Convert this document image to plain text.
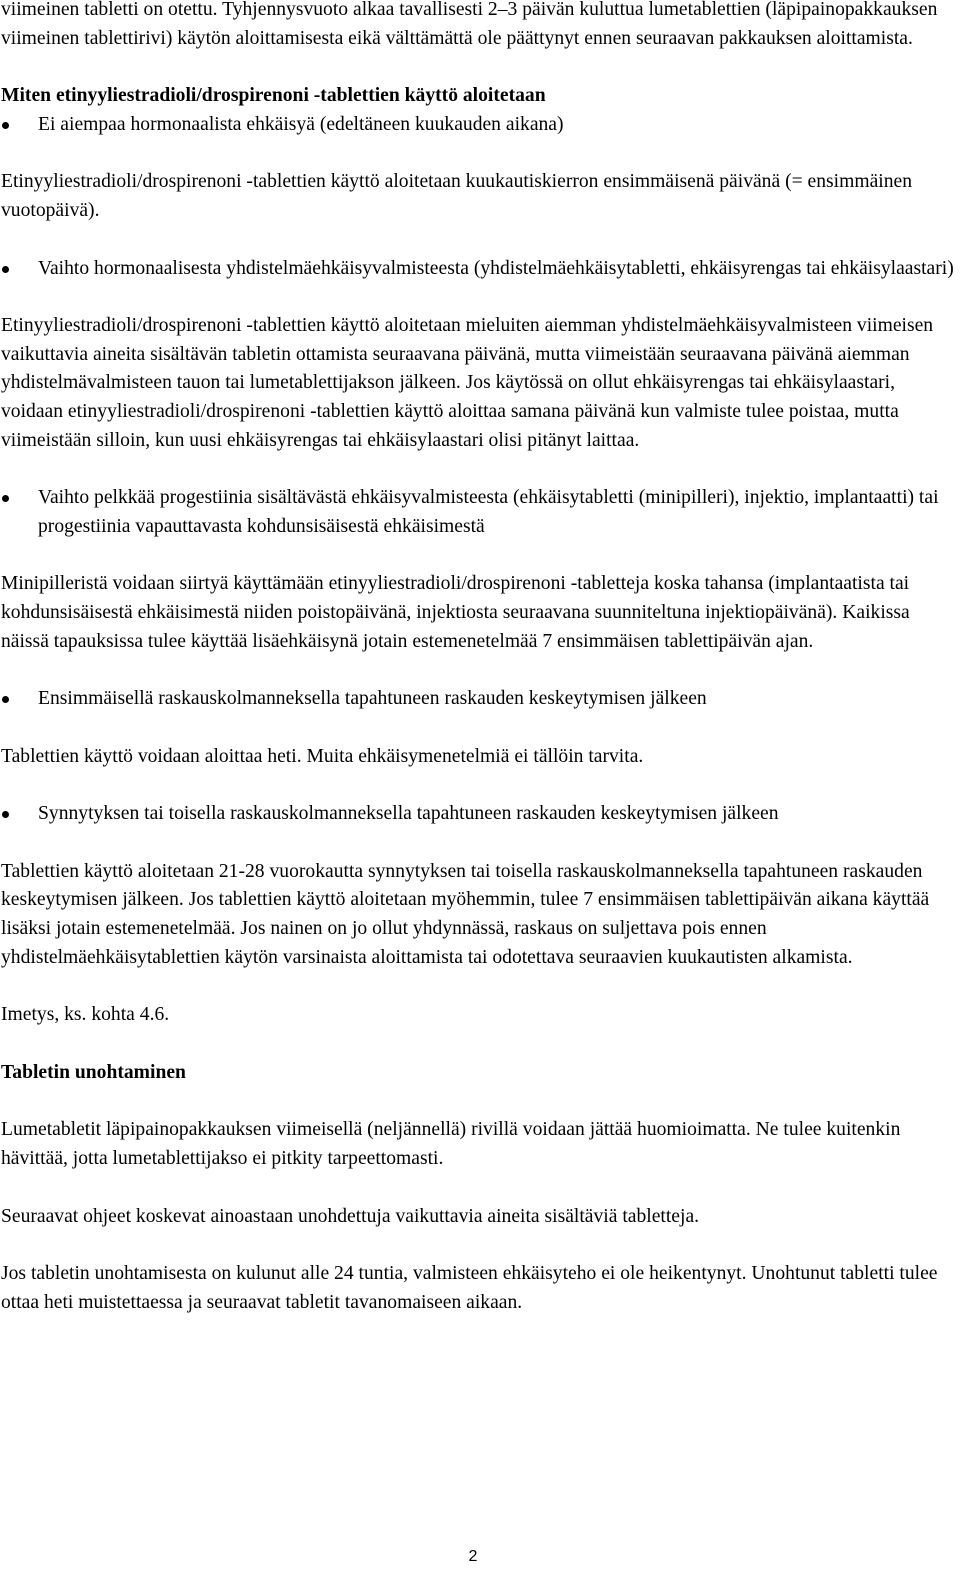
viimeinen tabletti on otettu. Tyhjennysvuoto alkaa tavallisesti 2–3 päivän kuluttua lumetablettien (läpipainopakkauksen viimeinen tablettirivi) käytön aloittamisesta eikä välttämättä ole päättynyt ennen seuraavan pakkauksen aloittamista.

Miten etinyyliestradioli/drospirenoni -tablettien käyttö aloitetaan

Ei aiempaa hormonaalista ehkäisyä (edeltäneen kuukauden aikana)

Etinyyliestradioli/drospirenoni -tablettien käyttö aloitetaan kuukautiskierron ensimmäisenä päivänä (= ensimmäinen vuotopäivä).

Vaihto hormonaalisesta yhdistelmäehkäisyvalmisteesta (yhdistelmäehkäisytabletti, ehkäisyrengas tai ehkäisylaastari)

Etinyyliestradioli/drospirenoni -tablettien käyttö aloitetaan mieluiten aiemman yhdistelmäehkäisyvalmisteen viimeisen vaikuttavia aineita sisältävän tabletin ottamista seuraavana päivänä, mutta viimeistään seuraavana päivänä aiemman yhdistelmävalmisteen tauon tai lumetablettijakson jälkeen. Jos käytössä on ollut ehkäisyrengas tai ehkäisylaastari, voidaan etinyyliestradioli/drospirenoni -tablettien käyttö aloittaa samana päivänä kun valmiste tulee poistaa, mutta viimeistään silloin, kun uusi ehkäisyrengas tai ehkäisylaastari olisi pitänyt laittaa.

Vaihto pelkkää progestiinia sisältävästä ehkäisyvalmisteesta (ehkäisytabletti (minipilleri), injektio, implantaatti) tai progestiinia vapauttavasta kohdunsisäisestä ehkäisimestä

Minipilleristä voidaan siirtyä käyttämään etinyyliestradioli/drospirenoni -tabletteja koska tahansa (implantaatista tai kohdunsisäisestä ehkäisimestä niiden poistopäivänä, injektiosta seuraavana suunniteltuna injektiopäivänä). Kaikissa näissä tapauksissa tulee käyttää lisäehkäisynä jotain estemenetelmää 7 ensimmäisen tablettipäivän ajan.

Ensimmäisellä raskauskolmanneksella tapahtuneen raskauden keskeytymisen jälkeen

Tablettien käyttö voidaan aloittaa heti. Muita ehkäisymenetelmiä ei tällöin tarvita.

Synnytyksen tai toisella raskauskolmanneksella tapahtuneen raskauden keskeytymisen jälkeen

Tablettien käyttö aloitetaan 21-28 vuorokautta synnytyksen tai toisella raskauskolmanneksella tapahtuneen raskauden keskeytymisen jälkeen. Jos tablettien käyttö aloitetaan myöhemmin, tulee 7 ensimmäisen tablettipäivän aikana käyttää lisäksi jotain estemenetelmää. Jos nainen on jo ollut yhdynnässä, raskaus on suljettava pois ennen yhdistelmäehkäisytablettien käytön varsinaista aloittamista tai odotettava seuraavien kuukautisten alkamista.

Imetys, ks. kohta 4.6.

Tabletin unohtaminen

Lumetabletit läpipainopakkauksen viimeisellä (neljännellä) rivillä voidaan jättää huomioimatta. Ne tulee kuitenkin hävittää, jotta lumetablettijakso ei pitkity tarpeettomasti.

Seuraavat ohjeet koskevat ainoastaan unohdettuja vaikuttavia aineita sisältäviä tabletteja.

Jos tabletin unohtamisesta on kulunut alle 24 tuntia, valmisteen ehkäisyteho ei ole heikentynyt. Unohtunut tabletti tulee ottaa heti muistettaessa ja seuraavat tabletit tavanomaiseen aikaan.

2
